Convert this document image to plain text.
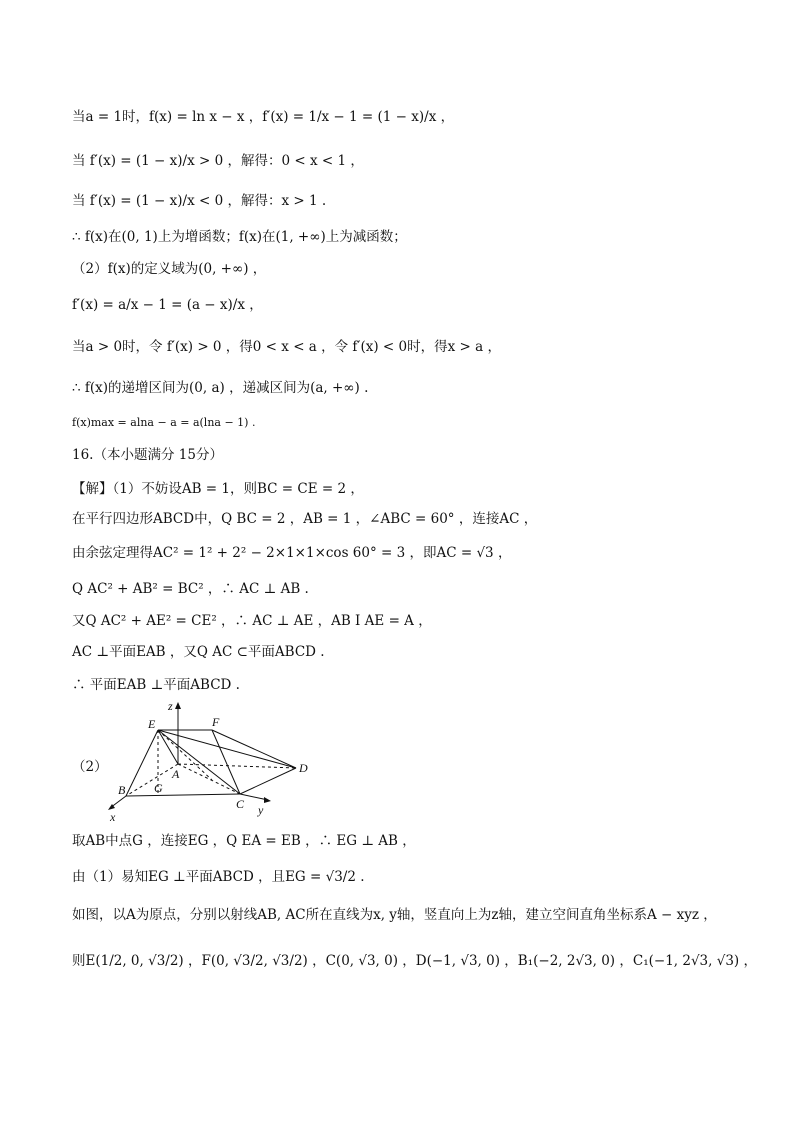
当a = 1时，f(x) = ln x − x ，f′(x) = 1/x − 1 = (1 − x)/x ，
当 f′(x) = (1 − x)/x > 0 ，解得：0 < x < 1 ，
当 f′(x) = (1 − x)/x < 0 ，解得：x > 1 .
∴ f(x)在(0, 1)上为增函数；f(x)在(1, +∞)上为减函数；
（2）f(x)的定义域为(0, +∞) ，
f′(x) = a/x − 1 = (a − x)/x ，
当a > 0时，令 f′(x) > 0 ，得0 < x < a ，令 f′(x) < 0时，得x > a ，
∴ f(x)的递增区间为(0, a) ，递减区间为(a, +∞) .
f(x)max = alna − a = a(lna − 1) .
16.（本小题满分 15分）
【解】（1）不妨设AB = 1，则BC = CE = 2 ，
在平行四边形ABCD中，Q BC = 2 ，AB = 1 ，∠ABC = 60° ，连接AC ，
由余弦定理得AC² = 1² + 2² − 2×1×1×cos 60° = 3 ，即AC = √3 ，
Q AC² + AB² = BC² ，∴ AC ⊥ AB .
又Q AC² + AE² = CE² ，∴ AC ⊥ AE ，AB I AE = A ，
AC ⊥平面EAB ，又Q AC ⊂平面ABCD .
∴ 平面EAB ⊥平面ABCD .
（2）
E	F
A	D
B G
C
x	y
z
取AB中点G ，连接EG ，Q EA = EB ，∴ EG ⊥ AB ，
由（1）易知EG ⊥平面ABCD ，且EG = √3/2 .
如图，以A为原点，分别以射线AB, AC所在直线为x, y轴，竖直向上为z轴，建立空间直角坐标系A − xyz ，
则E(1/2, 0, √3/2) ，F(0, √3/2, √3/2) ，C(0, √3, 0) ，D(−1, √3, 0) ，B₁(−2, 2√3, 0) ，C₁(−1, 2√3, √3) ，
